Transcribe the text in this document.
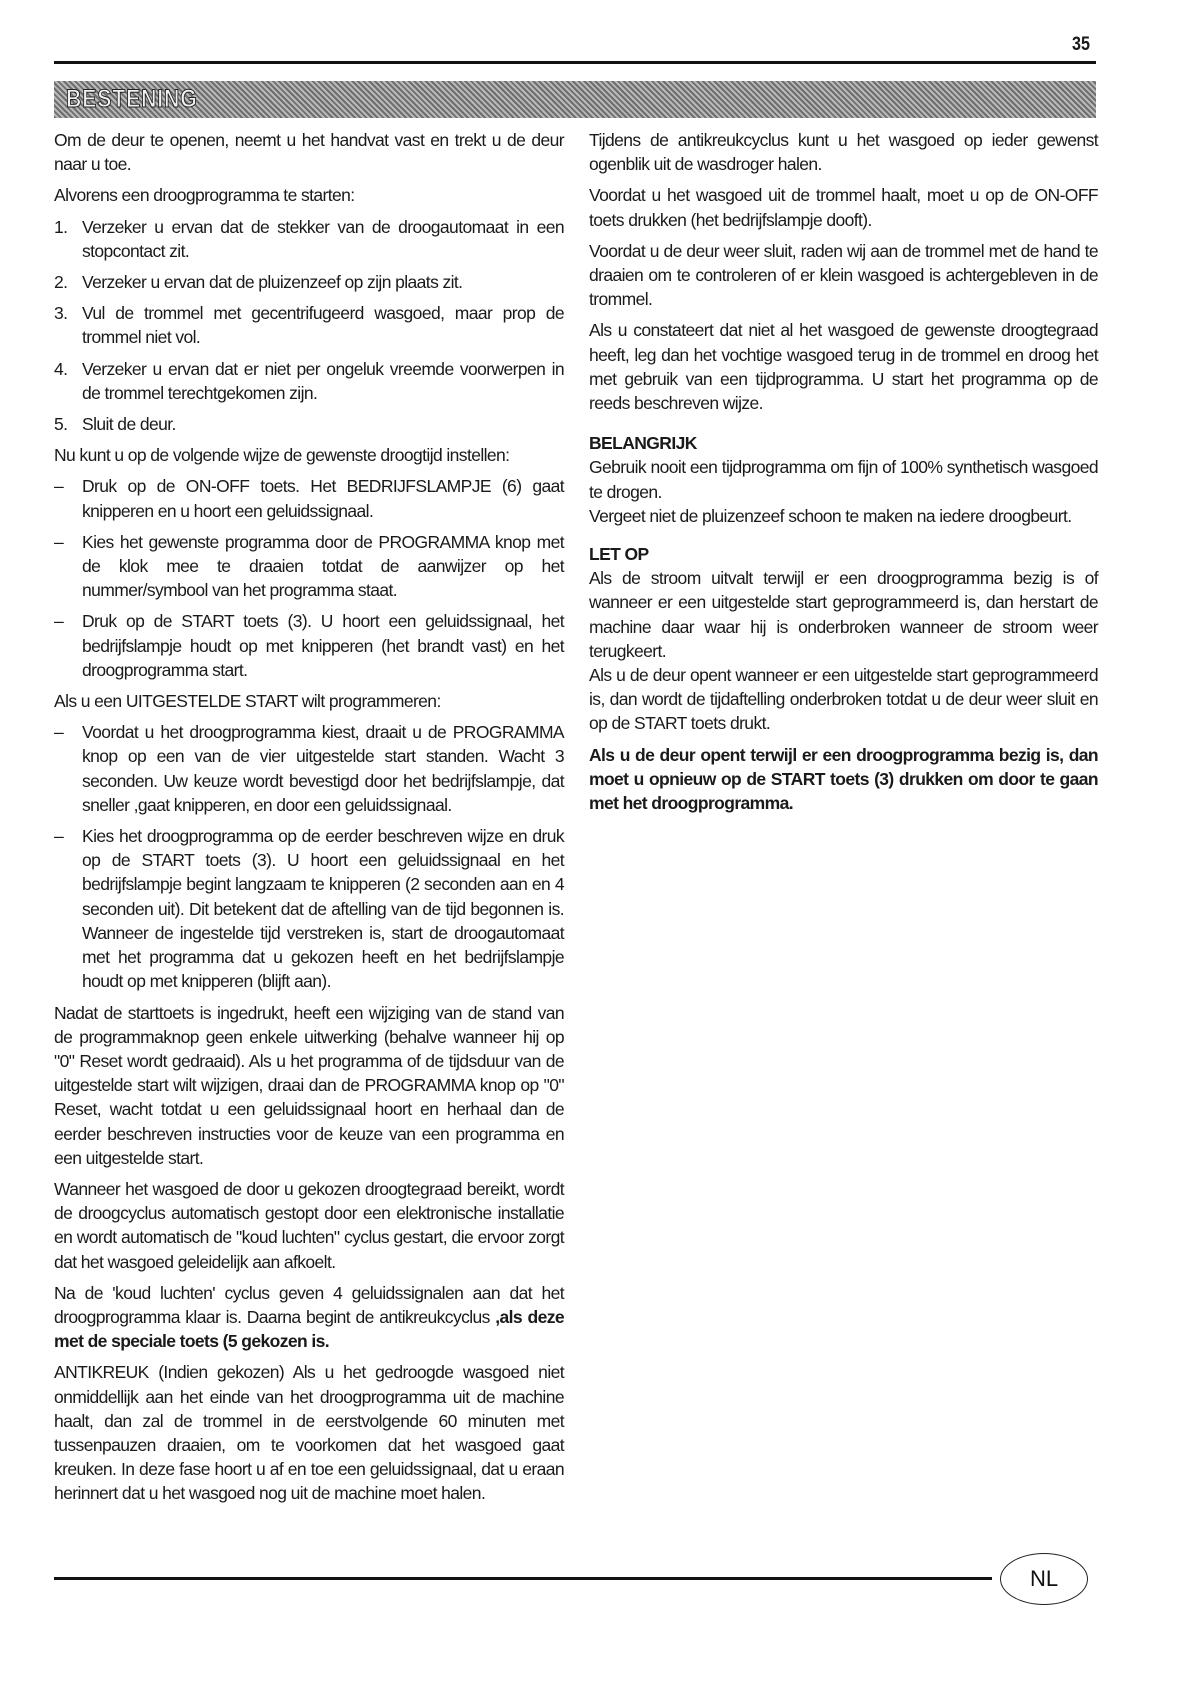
35
BESTENING

Om de deur te openen, neemt u het handvat vast en trekt u de deur naar u toe.

Alvorens een droogprogramma te starten:

1. Verzeker u ervan dat de stekker van de droogautomaat in een stopcontact zit.
2. Verzeker u ervan dat de pluizenzeef op zijn plaats zit.
3. Vul de trommel met gecentrifugeerd wasgoed, maar prop de trommel niet vol.
4. Verzeker u ervan dat er niet per ongeluk vreemde voorwerpen in de trommel terechtgekomen zijn.
5. Sluit de deur.

Nu kunt u op de volgende wijze de gewenste droogtijd instellen:

–	Druk op de ON-OFF toets. Het BEDRIJFSLAMPJE (6) gaat knipperen en u hoort een geluidssignaal.
–	Kies het gewenste programma door de PROGRAMMA knop met de klok mee te draaien totdat de aanwijzer op het nummer/symbool van het programma staat.
–	Druk op de START toets (3). U hoort een geluidssignaal, het bedrijfslampje houdt op met knipperen (het brandt vast) en het droogprogramma start.

Als u een UITGESTELDE START wilt programmeren:

–	Voordat u het droogprogramma kiest, draait u de PROGRAMMA knop op een van de vier uitgestelde start standen. Wacht 3 seconden. Uw keuze wordt bevestigd door het bedrijfslampje, dat sneller ,gaat knipperen, en door een geluidssignaal.
–	Kies het droogprogramma op de eerder beschreven wijze en druk op de START toets (3). U hoort een geluidssignaal en het bedrijfslampje begint langzaam te knipperen (2 seconden aan en 4 seconden uit). Dit betekent dat de aftelling van de tijd begonnen is. Wanneer de ingestelde tijd verstreken is, start de droogautomaat met het programma dat u gekozen heeft en het bedrijfslampje houdt op met knipperen (blijft aan).

Nadat de starttoets is ingedrukt, heeft een wijziging van de stand van de programmaknop geen enkele uitwerking (behalve wanneer hij op "0" Reset wordt gedraaid). Als u het programma of de tijdsduur van de uitgestelde start wilt wijzigen, draai dan de PROGRAMMA knop op "0" Reset, wacht totdat u een geluidssignaal hoort en herhaal dan de eerder beschreven instructies voor de keuze van een programma en een uitgestelde start.

Wanneer het wasgoed de door u gekozen droogtegraad bereikt, wordt de droogcyclus automatisch gestopt door een elektronische installatie en wordt automatisch de "koud luchten" cyclus gestart, die ervoor zorgt dat het wasgoed geleidelijk aan afkoelt.

Na de 'koud luchten' cyclus geven 4 geluidssignalen aan dat het droogprogramma klaar is. Daarna begint de antikreukcyclus ,als deze met de speciale toets (5 gekozen is.

ANTIKREUK (Indien gekozen) Als u het gedroogde wasgoed niet onmiddellijk aan het einde van het droogprogramma uit de machine haalt, dan zal de trommel in de eerstvolgende 60 minuten met tussenpauzen draaien, om te voorkomen dat het wasgoed gaat kreuken. In deze fase hoort u af en toe een geluidssignaal, dat u eraan herinnert dat u het wasgoed nog uit de machine moet halen.

Tijdens de antikreukcyclus kunt u het wasgoed op ieder gewenst ogenblik uit de wasdroger halen.

Voordat u het wasgoed uit de trommel haalt, moet u op de ON-OFF toets drukken (het bedrijfslampje dooft).

Voordat u de deur weer sluit, raden wij aan de trommel met de hand te draaien om te controleren of er klein wasgoed is achtergebleven in de trommel.

Als u constateert dat niet al het wasgoed de gewenste droogtegraad heeft, leg dan het vochtige wasgoed terug in de trommel en droog het met gebruik van een tijdprogramma. U start het programma op de reeds beschreven wijze.

BELANGRIJK

Gebruik nooit een tijdprogramma om fijn of 100% synthetisch wasgoed te drogen.

Vergeet niet de pluizenzeef schoon te maken na iedere droogbeurt.

LET OP

Als de stroom uitvalt terwijl er een droogprogramma bezig is of wanneer er een uitgestelde start geprogrammeerd is, dan herstart de machine daar waar hij is onderbroken wanneer de stroom weer terugkeert.

Als u de deur opent wanneer er een uitgestelde start geprogrammeerd is, dan wordt de tijdaftelling onderbroken totdat u de deur weer sluit en op de START toets drukt.

Als u de deur opent terwijl er een droogprogramma bezig is, dan moet u opnieuw op de START toets (3) drukken om door te gaan met het droogprogramma.

NL
